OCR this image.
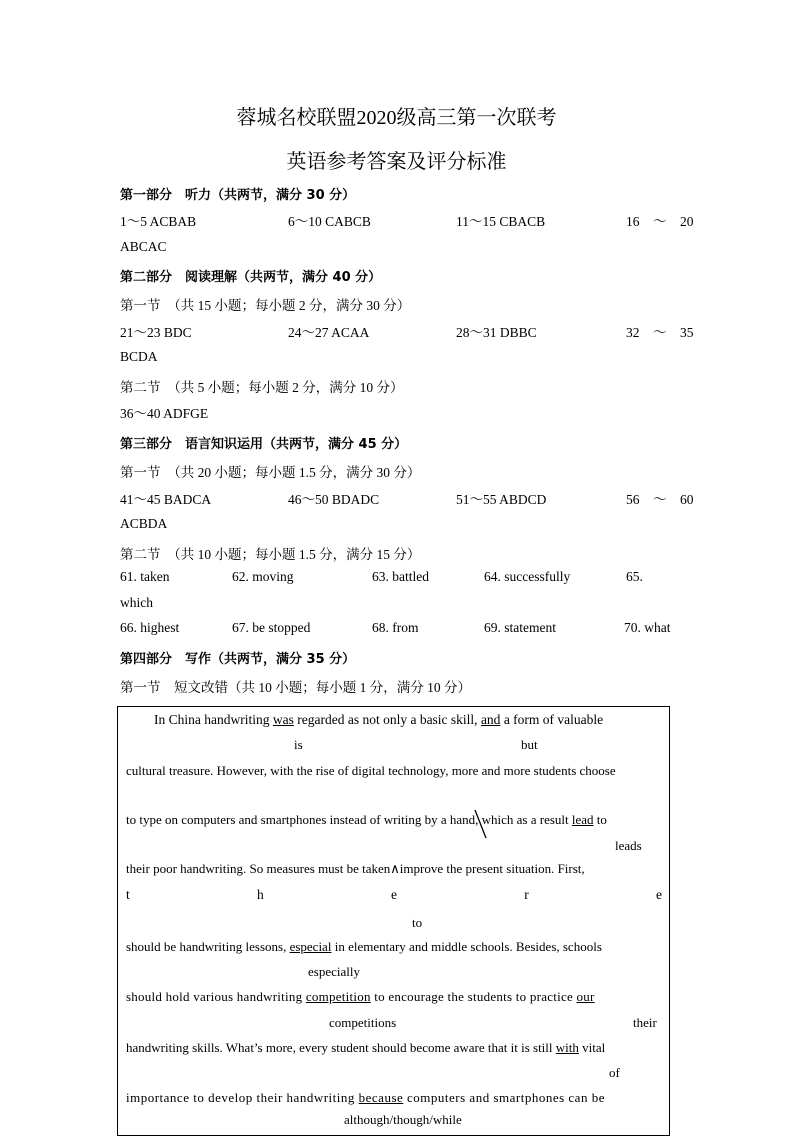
蓉城名校联盟2020级高三第一次联考
英语参考答案及评分标准
第一部分　听力（共两节，满分 30 分）
1～5 ACBAB	6～10 CABCB	11～15 CBACB	16　～　20
ABCAC
第二部分　阅读理解（共两节，满分 40 分）
第一节　（共 15 小题；每小题 2 分，满分 30 分）
21～23 BDC	24～27 ACAA	28～31 DBBC	32　～　35
BCDA
第二节　（共 5 小题；每小题 2 分，满分 10 分）
36～40 ADFGE
第三部分　语言知识运用（共两节，满分 45 分）
第一节　（共 20 小题；每小题 1.5 分，满分 30 分）
41～45 BADCA	46～50 BDADC	51～55 ABDCD	56　～　60
ACBDA
第二节　（共 10 小题；每小题 1.5 分，满分 15 分）
61. taken	62. moving	63. battled	64. successfully	65.
which
66. highest	67. be stopped	68. from	69. statement	70. what
第四部分　写作（共两节，满分 35 分）
第一节　短文改错（共 10 小题；每小题 1 分，满分 10 分）
In China handwriting was regarded as not only a basic skill, and a form of valuable
is	but
cultural treasure. However, with the rise of digital technology, more and more students choose
to type on computers and smartphones instead of writing by a hand, which as a result lead to
leads
their poor handwriting. So measures must be taken∧improve the present situation. First,
t	h	e	r	e
to
should be handwriting lessons, especial in elementary and middle schools. Besides, schools
especially
should hold various handwriting competition to encourage the students to practice our
competitions	their
handwriting skills. What’s more, every student should become aware that it is still with vital
of
importance to develop their handwriting because computers and smartphones can be
although/though/while
